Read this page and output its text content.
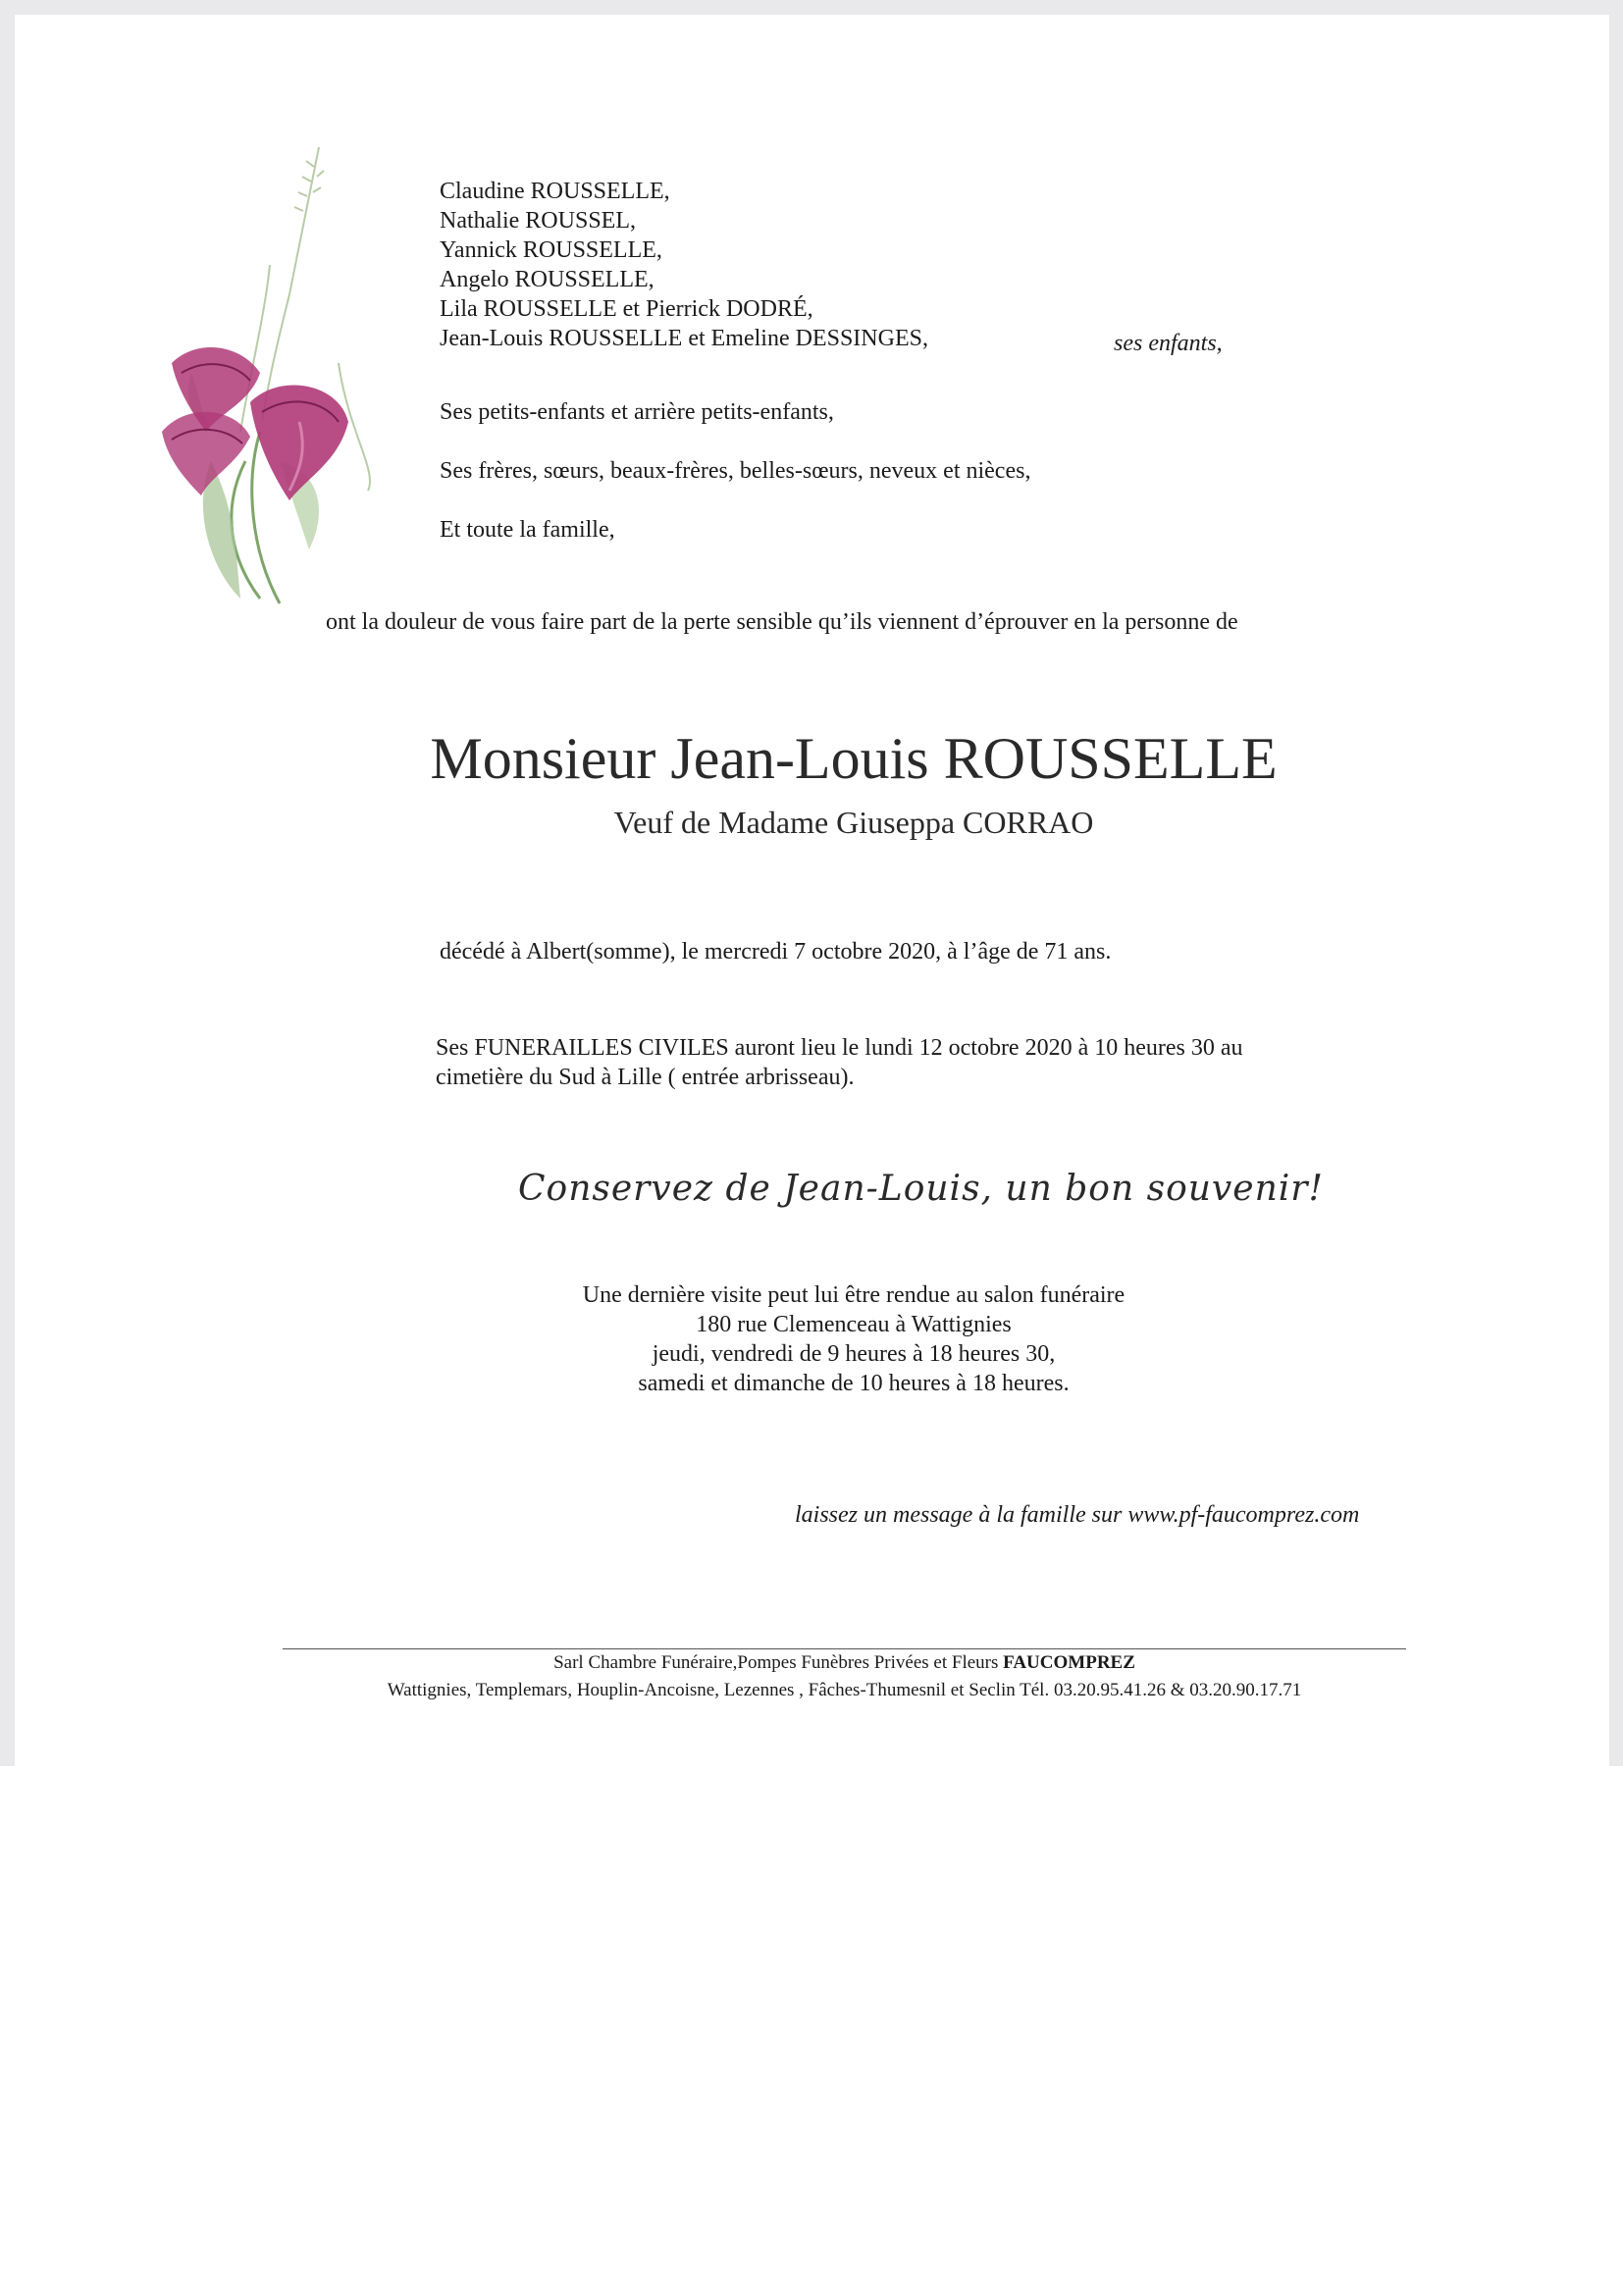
Claudine ROUSSELLE,
Nathalie ROUSSEL,
Yannick ROUSSELLE,
Angelo ROUSSELLE,
Lila ROUSSELLE et Pierrick DODRÉ,
Jean-Louis ROUSSELLE et Emeline DESSINGES,	ses enfants,
Ses petits-enfants et arrière petits-enfants,
Ses frères, sœurs, beaux-frères, belles-sœurs, neveux et nièces,
Et toute la famille,
ont la douleur de vous faire part de la perte sensible qu’ils viennent d’éprouver en la personne de
Monsieur Jean-Louis ROUSSELLE
Veuf de Madame Giuseppa CORRAO
décédé à Albert(somme), le mercredi 7 octobre 2020, à l’âge de 71 ans.
Ses FUNERAILLES CIVILES auront lieu le lundi 12 octobre 2020 à 10 heures 30 au
cimetière du Sud à Lille ( entrée arbrisseau).
Conservez de Jean-Louis, un bon souvenir!
Une dernière visite peut lui être rendue au salon funéraire
180 rue Clemenceau à Wattignies
jeudi, vendredi de 9 heures à 18 heures 30,
samedi et dimanche de 10 heures à 18 heures.
laissez un message à la famille sur www.pf-faucomprez.com
Sarl Chambre Funéraire,Pompes Funèbres Privées et Fleurs FAUCOMPREZ
Wattignies, Templemars, Houplin-Ancoisne, Lezennes , Fâches-Thumesnil et Seclin Tél. 03.20.95.41.26 & 03.20.90.17.71
